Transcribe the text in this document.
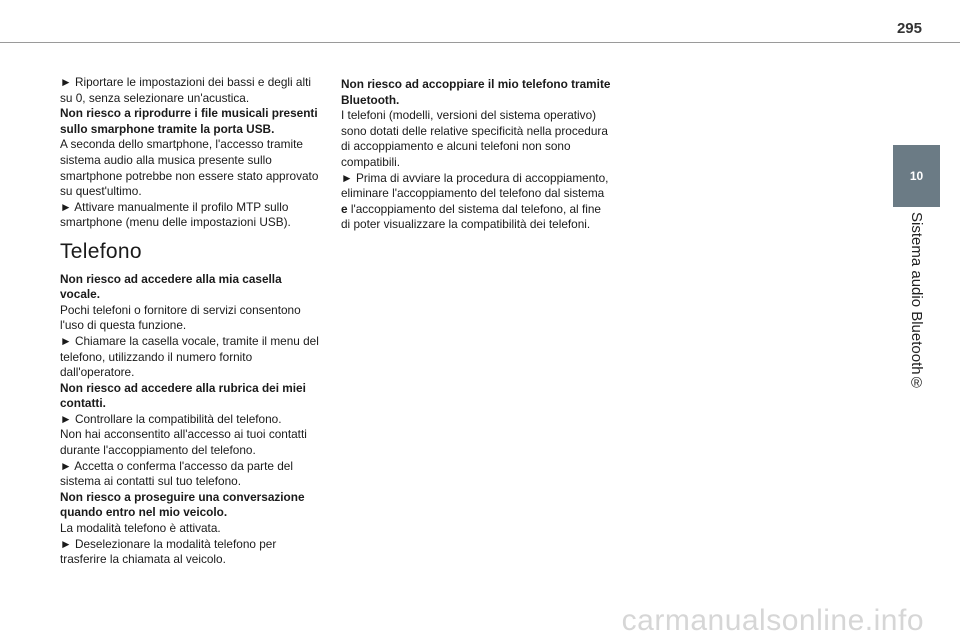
295

► Riportare le impostazioni dei bassi e degli alti su 0, senza selezionare un'acustica.

Non riesco a riprodurre i file musicali presenti sullo smarphone tramite la porta USB.

A seconda dello smartphone, l'accesso tramite sistema audio alla musica presente sullo smartphone potrebbe non essere stato approvato su quest'ultimo.

► Attivare manualmente il profilo MTP sullo smartphone (menu delle impostazioni USB).

Telefono

Non riesco ad accedere alla mia casella vocale.

Pochi telefoni o fornitore di servizi consentono l'uso di questa funzione.

► Chiamare la casella vocale, tramite il menu del telefono, utilizzando il numero fornito dall'operatore.

Non riesco ad accedere alla rubrica dei miei contatti.

► Controllare la compatibilità del telefono.

Non hai acconsentito all'accesso ai tuoi contatti durante l'accoppiamento del telefono.

► Accetta o conferma l'accesso da parte del sistema ai contatti sul tuo telefono.

Non riesco a proseguire una conversazione quando entro nel mio veicolo.

La modalità telefono è attivata.

► Deselezionare la modalità telefono per trasferire la chiamata al veicolo.

Non riesco ad accoppiare il mio telefono tramite Bluetooth.

I telefoni (modelli, versioni del sistema operativo) sono dotati delle relative specificità nella procedura di accoppiamento e alcuni telefoni non sono compatibili.

► Prima di avviare la procedura di accoppiamento, eliminare l'accoppiamento del telefono dal sistema e l'accoppiamento del sistema dal telefono, al fine di poter visualizzare la compatibilità dei telefoni.

10
Sistema audio Bluetooth®
carmanualsonline.info
